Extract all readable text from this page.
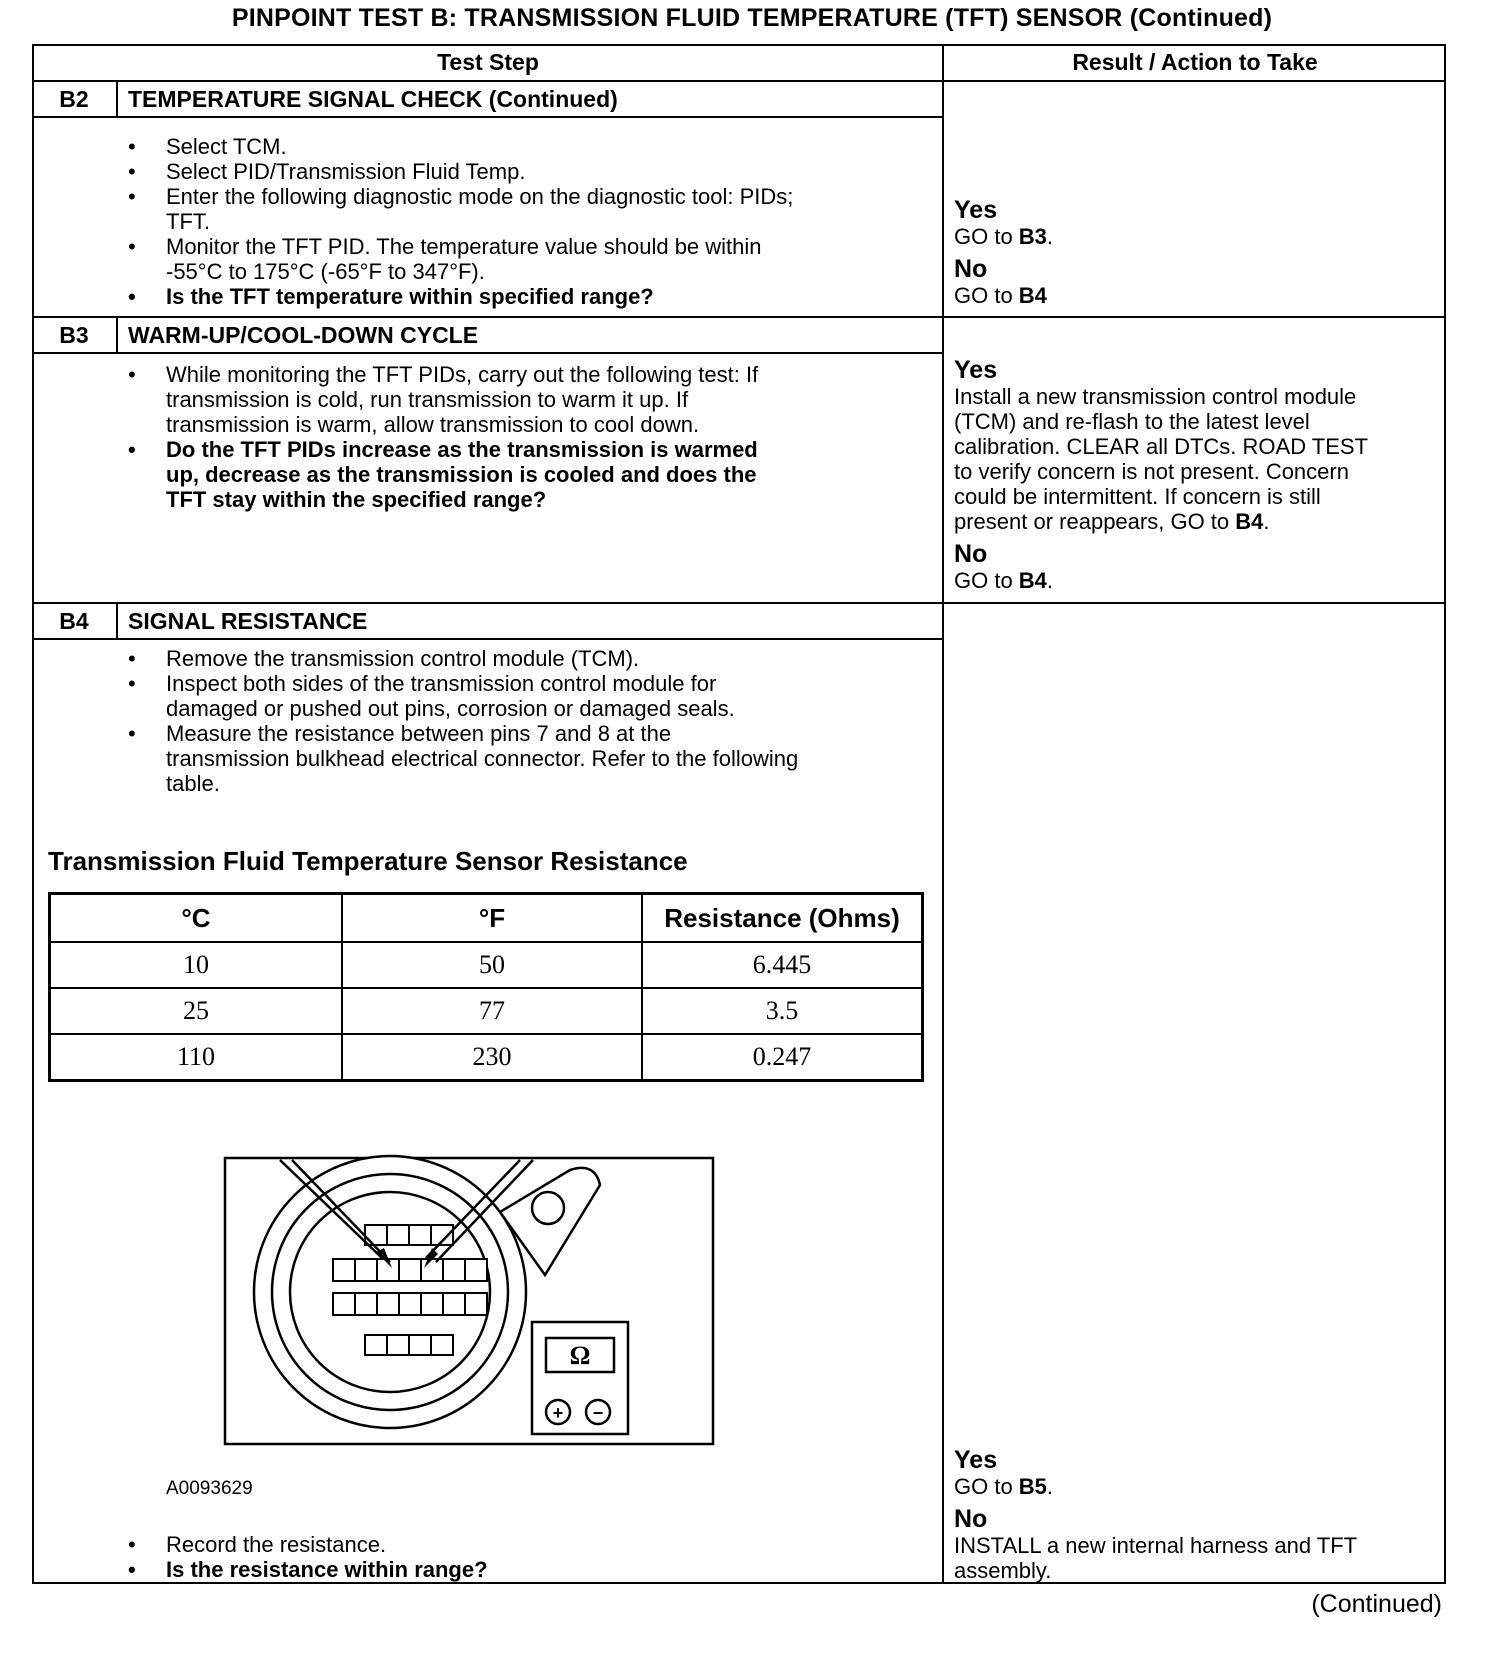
PINPOINT TEST B: TRANSMISSION FLUID TEMPERATURE (TFT) SENSOR (Continued)
Test Step	Result / Action to Take
B2	TEMPERATURE SIGNAL CHECK (Continued)
• Select TCM.
• Select PID/Transmission Fluid Temp.
• Enter the following diagnostic mode on the diagnostic tool: PIDs;
TFT.
• Monitor the TFT PID. The temperature value should be within
-55°C to 175°C (-65°F to 347°F).
• Is the TFT temperature within specified range?
Yes
GO to B3.
No
GO to B4
B3	WARM-UP/COOL-DOWN CYCLE
• While monitoring the TFT PIDs, carry out the following test: If
transmission is cold, run transmission to warm it up. If
transmission is warm, allow transmission to cool down.
• Do the TFT PIDs increase as the transmission is warmed
up, decrease as the transmission is cooled and does the
TFT stay within the specified range?
Yes
Install a new transmission control module
(TCM) and re-flash to the latest level
calibration. CLEAR all DTCs. ROAD TEST
to verify concern is not present. Concern
could be intermittent. If concern is still
present or reappears, GO to B4.
No
GO to B4.
B4	SIGNAL RESISTANCE
• Remove the transmission control module (TCM).
• Inspect both sides of the transmission control module for
damaged or pushed out pins, corrosion or damaged seals.
• Measure the resistance between pins 7 and 8 at the
transmission bulkhead electrical connector. Refer to the following
table.
Transmission Fluid Temperature Sensor Resistance
°C	°F	Resistance (Ohms)
10	50	6.445
25	77	3.5
110	230	0.247
Ω
+ −
A0093629
• Record the resistance.
• Is the resistance within range?
Yes
GO to B5.
No
INSTALL a new internal harness and TFT
assembly.
(Continued)
